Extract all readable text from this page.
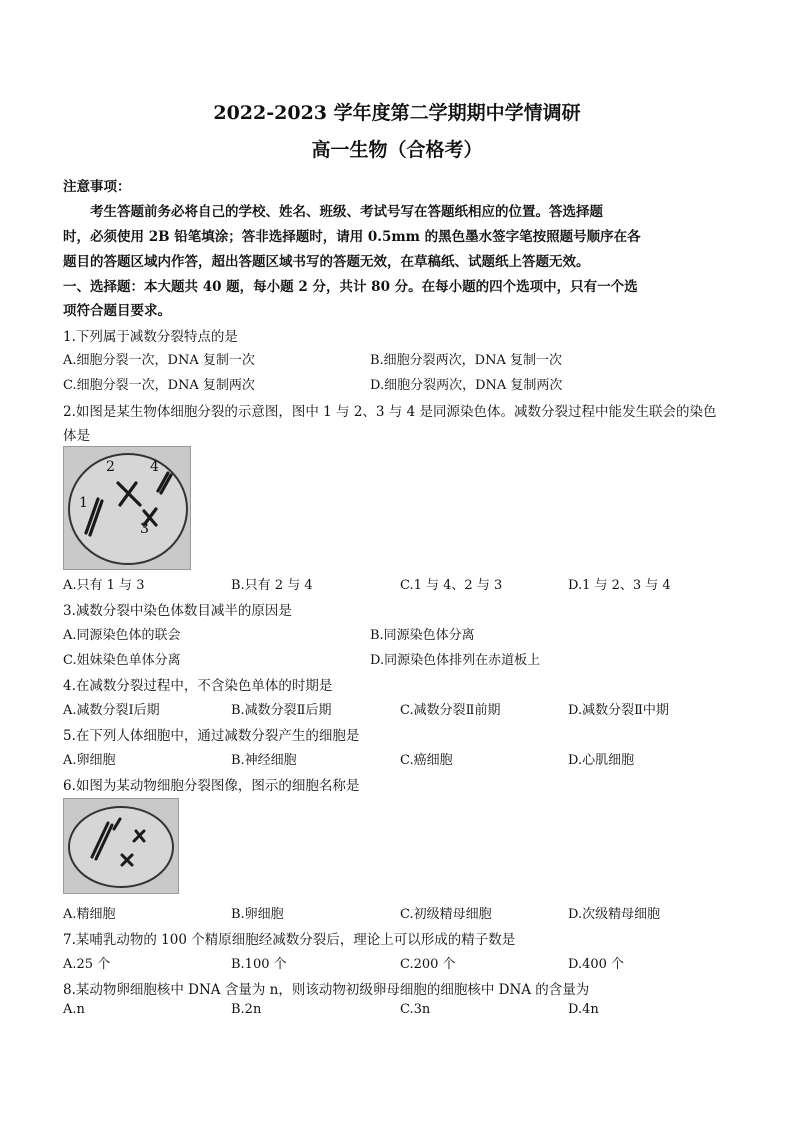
2022-2023 学年度第二学期期中学情调研
高一生物（合格考）
注意事项：
　　考生答题前务必将自己的学校、姓名、班级、考试号写在答题纸相应的位置。答选择题
时，必须使用 2B 铅笔填涂；答非选择题时，请用 0.5mm 的黑色墨水签字笔按照题号顺序在各
题目的答题区域内作答，超出答题区域书写的答题无效，在草稿纸、试题纸上答题无效。
一、选择题：本大题共 40 题，每小题 2 分，共计 80 分。在每小题的四个选项中，只有一个选
项符合题目要求。
1.下列属于减数分裂特点的是
A.细胞分裂一次，DNA 复制一次	B.细胞分裂两次，DNA 复制一次
C.细胞分裂一次，DNA 复制两次	D.细胞分裂两次，DNA 复制两次
2.如图是某生物体细胞分裂的示意图，图中 1 与 2、3 与 4 是同源染色体。减数分裂过程中能发生联会的染色
体是
1
2
3
4
A.只有 1 与 3	B.只有 2 与 4	C.1 与 4、2 与 3	D.1 与 2、3 与 4
3.减数分裂中染色体数目减半的原因是
A.同源染色体的联会	B.同源染色体分离
C.姐妹染色单体分离	D.同源染色体排列在赤道板上
4.在减数分裂过程中，不含染色单体的时期是
A.减数分裂Ⅰ后期	B.减数分裂Ⅱ后期	C.减数分裂Ⅱ前期	D.减数分裂Ⅱ中期
5.在下列人体细胞中，通过减数分裂产生的细胞是
A.卵细胞	B.神经细胞	C.癌细胞	D.心肌细胞
6.如图为某动物细胞分裂图像，图示的细胞名称是
A.精细胞	B.卵细胞	C.初级精母细胞	D.次级精母细胞
7.某哺乳动物的 100 个精原细胞经减数分裂后，理论上可以形成的精子数是
A.25 个	B.100 个	C.200 个	D.400 个
8.某动物卵细胞核中 DNA 含量为 n，则该动物初级卵母细胞的细胞核中 DNA 的含量为
A.n	B.2n	C.3n	D.4n
